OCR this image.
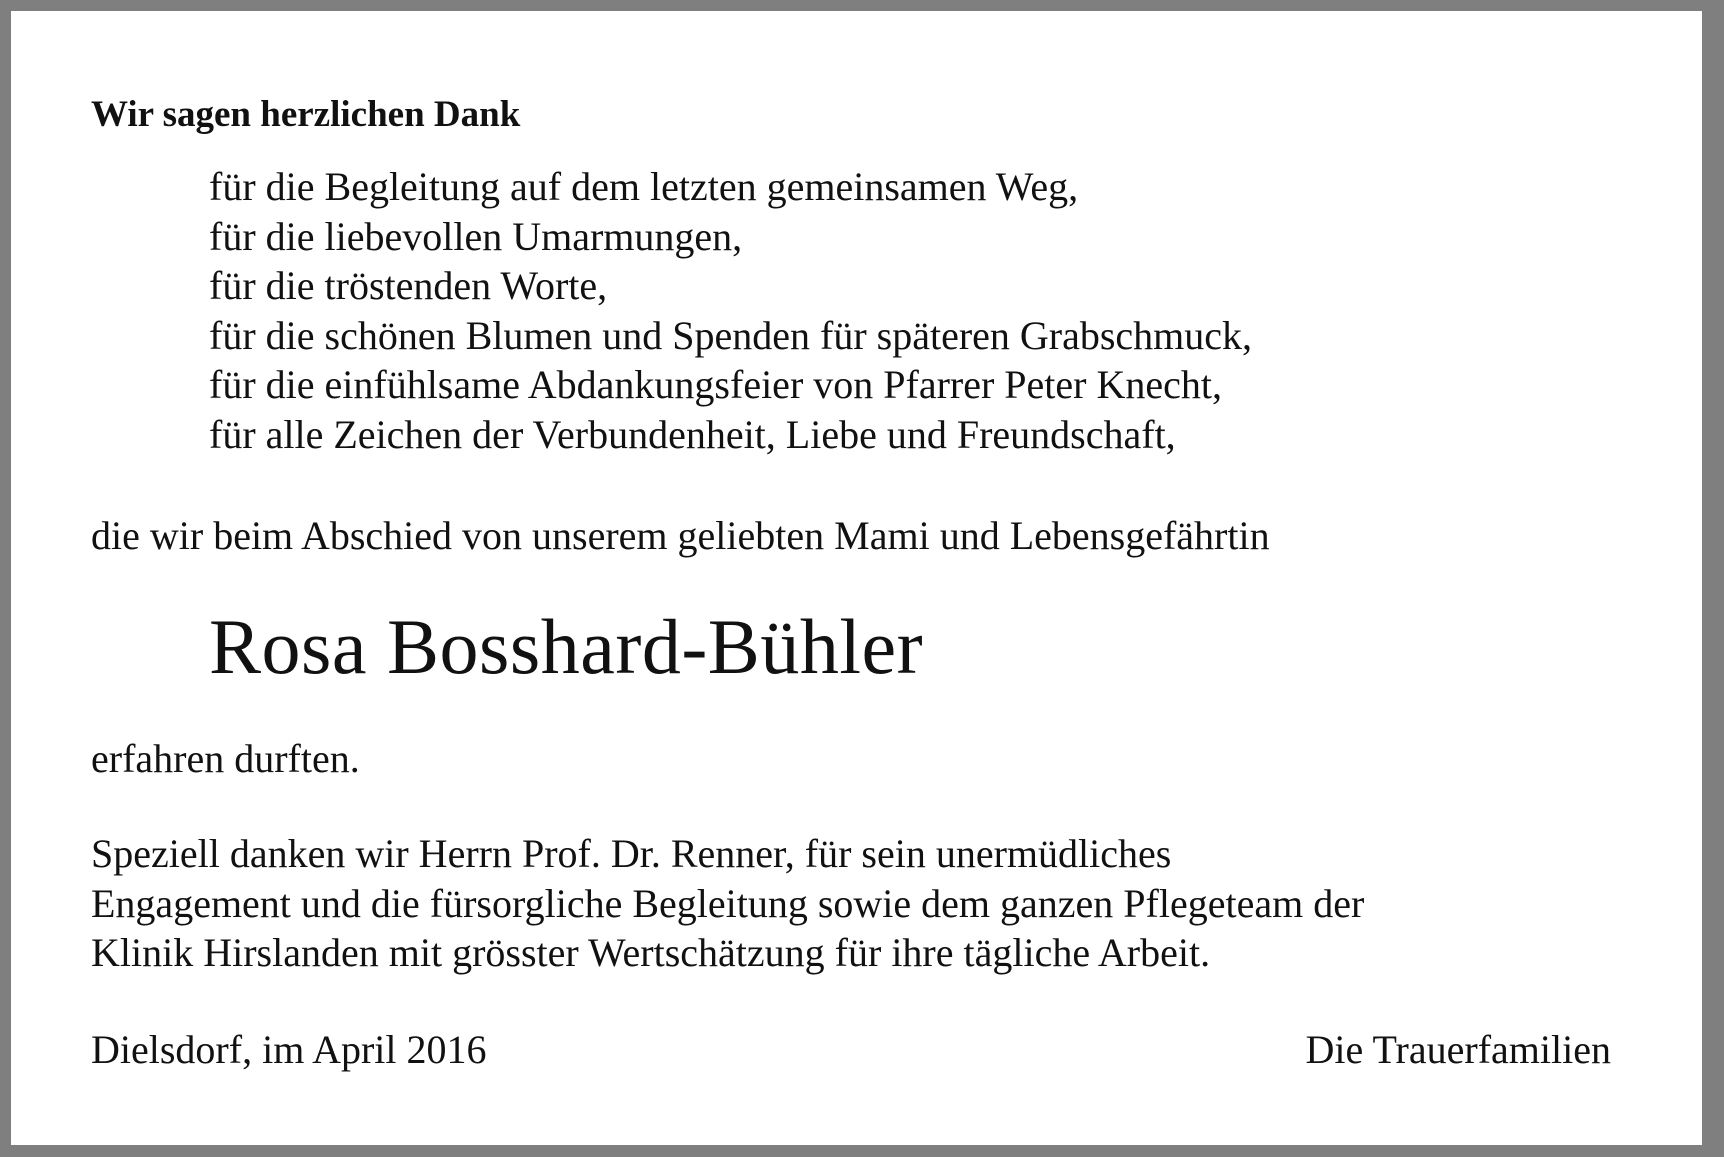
Wir sagen herzlichen Dank
für die Begleitung auf dem letzten gemeinsamen Weg,
für die liebevollen Umarmungen,
für die tröstenden Worte,
für die schönen Blumen und Spenden für späteren Grabschmuck,
für die einfühlsame Abdankungsfeier von Pfarrer Peter Knecht,
für alle Zeichen der Verbundenheit, Liebe und Freundschaft,
die wir beim Abschied von unserem geliebten Mami und Lebensgefährtin
Rosa Bosshard-Bühler
erfahren durften.

Speziell danken wir Herrn Prof. Dr. Renner, für sein unermüdliches
Engagement und die fürsorgliche Begleitung sowie dem ganzen Pflegeteam der
Klinik Hirslanden mit grösster Wertschätzung für ihre tägliche Arbeit.

Dielsdorf, im April 2016	Die Trauerfamilien
